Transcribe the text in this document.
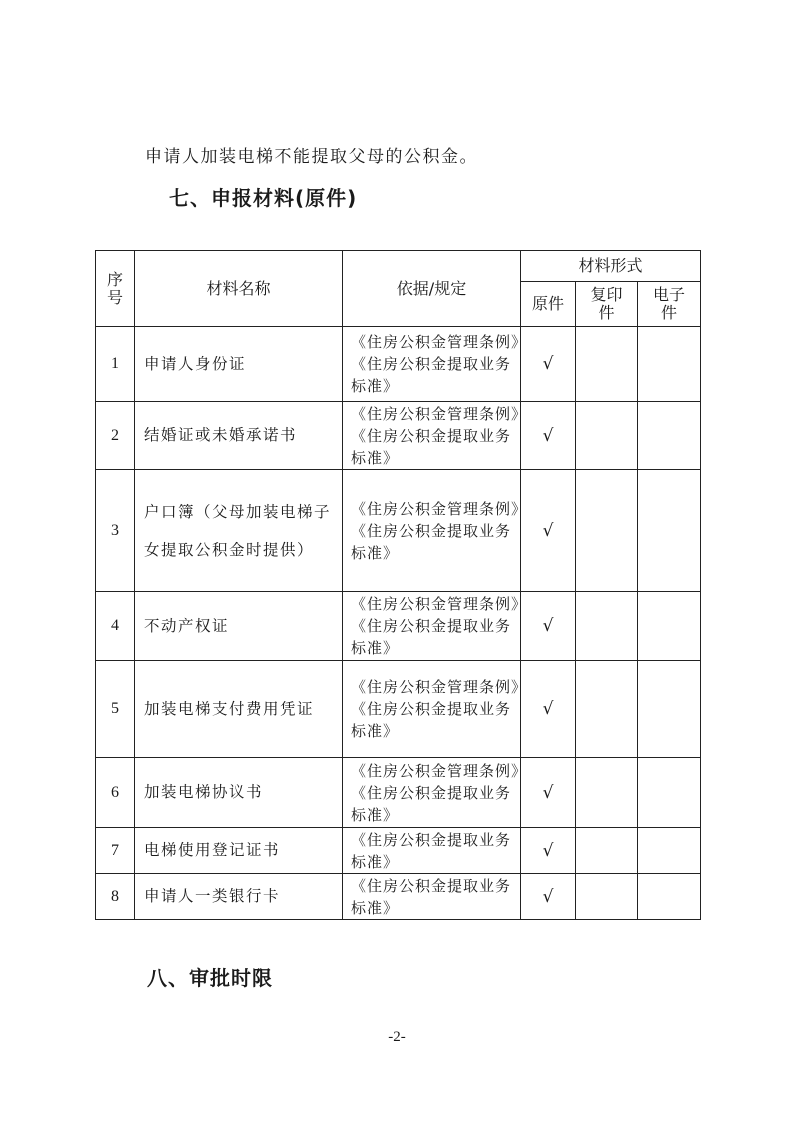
申请人加装电梯不能提取父母的公积金。
七、申报材料(原件)
序号	材料名称	依据/规定	材料形式		
			原件	复印件	电子件
1	申请人身份证	《住房公积金管理条例》《住房公积金提取业务标准》	√		
2	结婚证或未婚承诺书	《住房公积金管理条例》《住房公积金提取业务标准》	√		
3	户口簿（父母加装电梯子女提取公积金时提供）	《住房公积金管理条例》《住房公积金提取业务标准》	√		
4	不动产权证	《住房公积金管理条例》《住房公积金提取业务标准》	√		
5	加装电梯支付费用凭证	《住房公积金管理条例》《住房公积金提取业务标准》	√		
6	加装电梯协议书	《住房公积金管理条例》《住房公积金提取业务标准》	√		
7	电梯使用登记证书	《住房公积金提取业务标准》	√		
8	申请人一类银行卡	《住房公积金提取业务标准》	√		
八、审批时限
-2-
